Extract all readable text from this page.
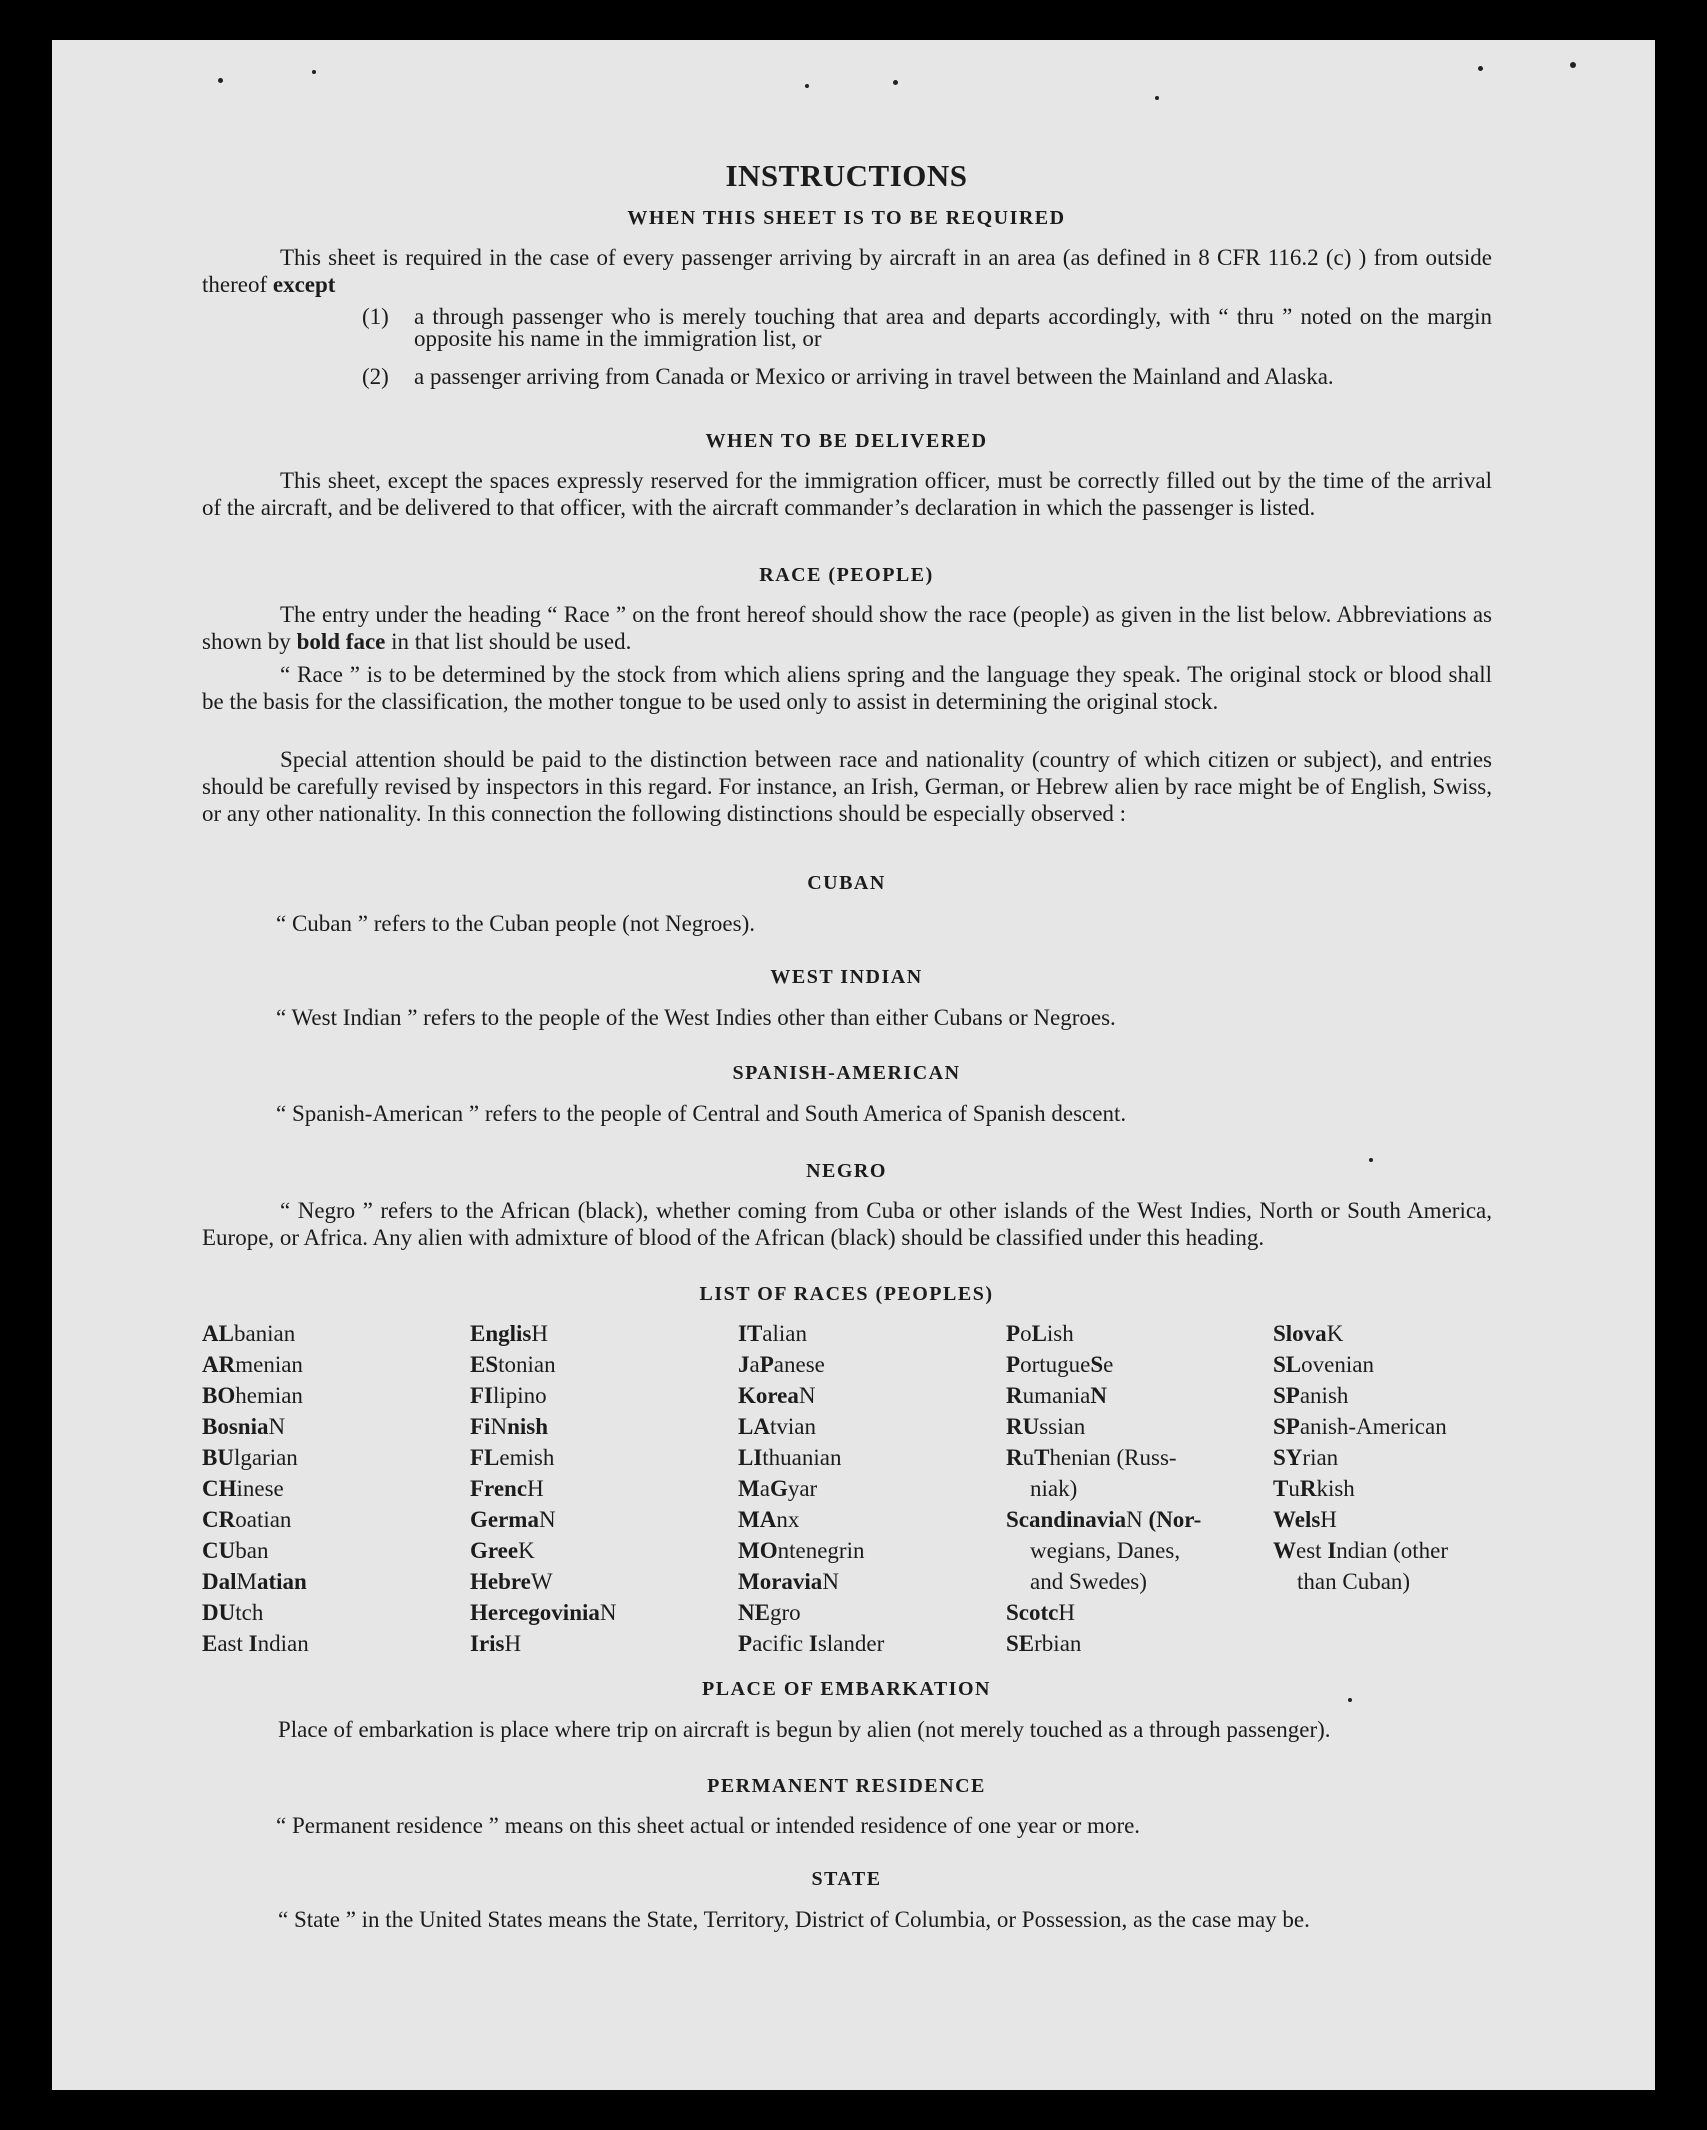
INSTRUCTIONS
WHEN THIS SHEET IS TO BE REQUIRED
This sheet is required in the case of every passenger arriving by aircraft in an area (as defined in 8 CFR 116.2 (c) ) from outside thereof except
(1) a through passenger who is merely touching that area and departs accordingly, with “ thru ” noted on the margin opposite his name in the immigration list, or
(2) a passenger arriving from Canada or Mexico or arriving in travel between the Mainland and Alaska.
WHEN TO BE DELIVERED
This sheet, except the spaces expressly reserved for the immigration officer, must be correctly filled out by the time of the arrival of the aircraft, and be delivered to that officer, with the aircraft commander’s declaration in which the passenger is listed.
RACE (PEOPLE)
The entry under the heading “ Race ” on the front hereof should show the race (people) as given in the list below. Abbreviations as shown by bold face in that list should be used.
“ Race ” is to be determined by the stock from which aliens spring and the language they speak. The original stock or blood shall be the basis for the classification, the mother tongue to be used only to assist in determining the original stock.
Special attention should be paid to the distinction between race and nationality (country of which citizen or subject), and entries should be carefully revised by inspectors in this regard. For instance, an Irish, German, or Hebrew alien by race might be of English, Swiss, or any other nationality. In this connection the following distinctions should be especially observed :
CUBAN
“ Cuban ” refers to the Cuban people (not Negroes).
WEST INDIAN
“ West Indian ” refers to the people of the West Indies other than either Cubans or Negroes.
SPANISH-AMERICAN
“ Spanish-American ” refers to the people of Central and South America of Spanish descent.
NEGRO
“ Negro ” refers to the African (black), whether coming from Cuba or other islands of the West Indies, North or South America, Europe, or Africa. Any alien with admixture of blood of the African (black) should be classified under this heading.
LIST OF RACES (PEOPLES)
ALbanian
ARmenian
BOhemian
BosniaN
BUlgarian
CHinese
CRoatian
CUban
DalMatian
DUtch
East Indian
EnglisH
EStonian
FIlipino
FiNnish
FLemish
FrencH
GermaN
GreeK
HebreW
HercegoviniaN
IrisH
ITalian
JaPanese
KoreaN
LAtvian
LIthuanian
MaGyar
MAnx
MOntenegrin
MoraviaN
NEgro
Pacific Islander
PoLish
PortugueSe
RumaniaN
RUssian
RuThenian (Russ-
niak)
ScandinaviaN (Nor-
wegians, Danes,
and Swedes)
ScotcH
SErbian
SlovaK
SLovenian
SPanish
SPanish-American
SYrian
TuRkish
WelsH
West Indian (other
than Cuban)
PLACE OF EMBARKATION
Place of embarkation is place where trip on aircraft is begun by alien (not merely touched as a through passenger).
PERMANENT RESIDENCE
“ Permanent residence ” means on this sheet actual or intended residence of one year or more.
STATE
“ State ” in the United States means the State, Territory, District of Columbia, or Possession, as the case may be.
